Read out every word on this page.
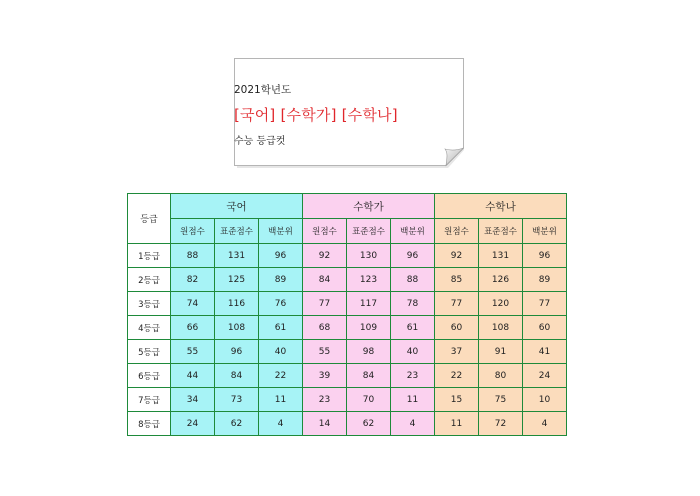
2021학년도
[국어] [수학가] [수학나]
수능 등급컷
등급	국어			수학가			수학나		
	원점수	표준점수	백분위	원점수	표준점수	백분위	원점수	표준점수	백분위
1등급	88	131	96	92	130	96	92	131	96
2등급	82	125	89	84	123	88	85	126	89
3등급	74	116	76	77	117	78	77	120	77
4등급	66	108	61	68	109	61	60	108	60
5등급	55	96	40	55	98	40	37	91	41
6등급	44	84	22	39	84	23	22	80	24
7등급	34	73	11	23	70	11	15	75	10
8등급	24	62	4	14	62	4	11	72	4
